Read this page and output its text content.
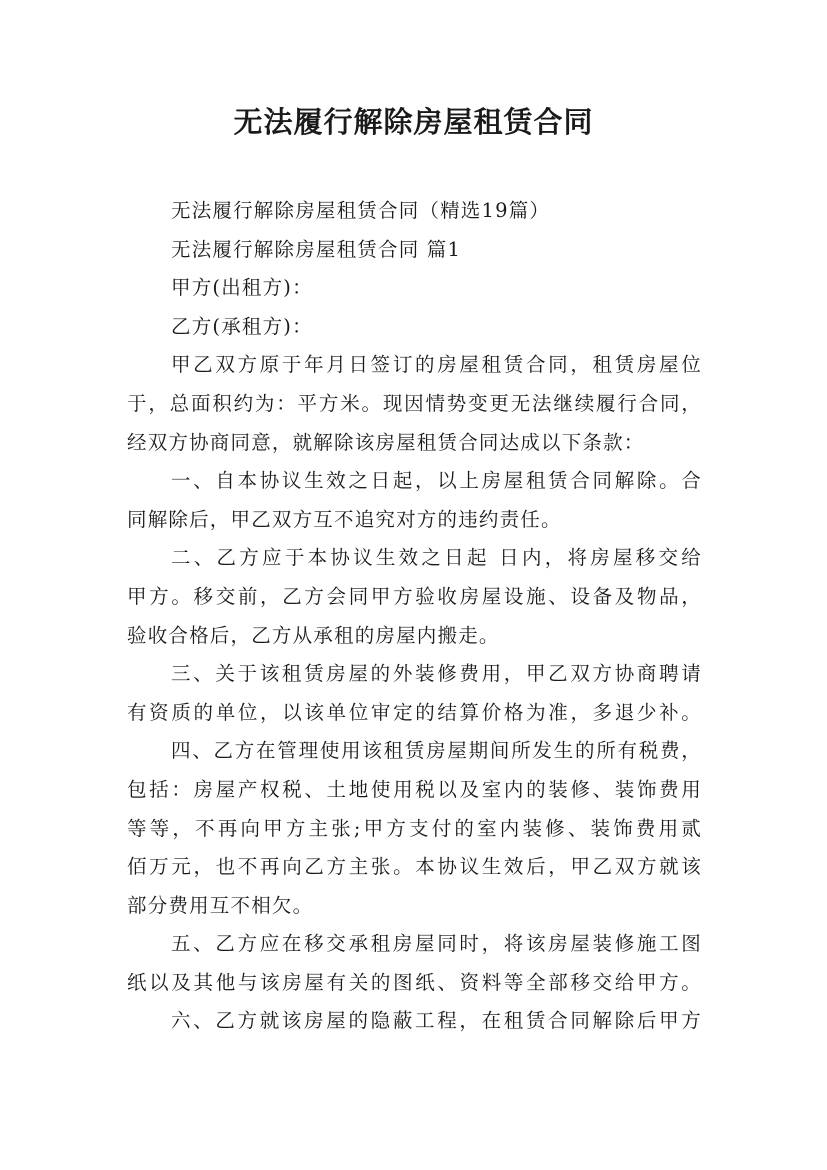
无法履行解除房屋租赁合同

无法履行解除房屋租赁合同（精选19篇）

无法履行解除房屋租赁合同 篇1

甲方(出租方)：

乙方(承租方)：

甲乙双方原于年月日签订的房屋租赁合同，租赁房屋位

于，总面积约为：平方米。现因情势变更无法继续履行合同，

经双方协商同意，就解除该房屋租赁合同达成以下条款：

一、自本协议生效之日起，以上房屋租赁合同解除。合

同解除后，甲乙双方互不追究对方的违约责任。

二、乙方应于本协议生效之日起 日内，将房屋移交给

甲方。移交前，乙方会同甲方验收房屋设施、设备及物品，

验收合格后，乙方从承租的房屋内搬走。

三、关于该租赁房屋的外装修费用，甲乙双方协商聘请

有资质的单位，以该单位审定的结算价格为准，多退少补。

四、乙方在管理使用该租赁房屋期间所发生的所有税费，

包括：房屋产权税、土地使用税以及室内的装修、装饰费用

等等，不再向甲方主张;甲方支付的室内装修、装饰费用贰

佰万元，也不再向乙方主张。本协议生效后，甲乙双方就该

部分费用互不相欠。

五、乙方应在移交承租房屋同时，将该房屋装修施工图

纸以及其他与该房屋有关的图纸、资料等全部移交给甲方。

六、乙方就该房屋的隐蔽工程，在租赁合同解除后甲方
